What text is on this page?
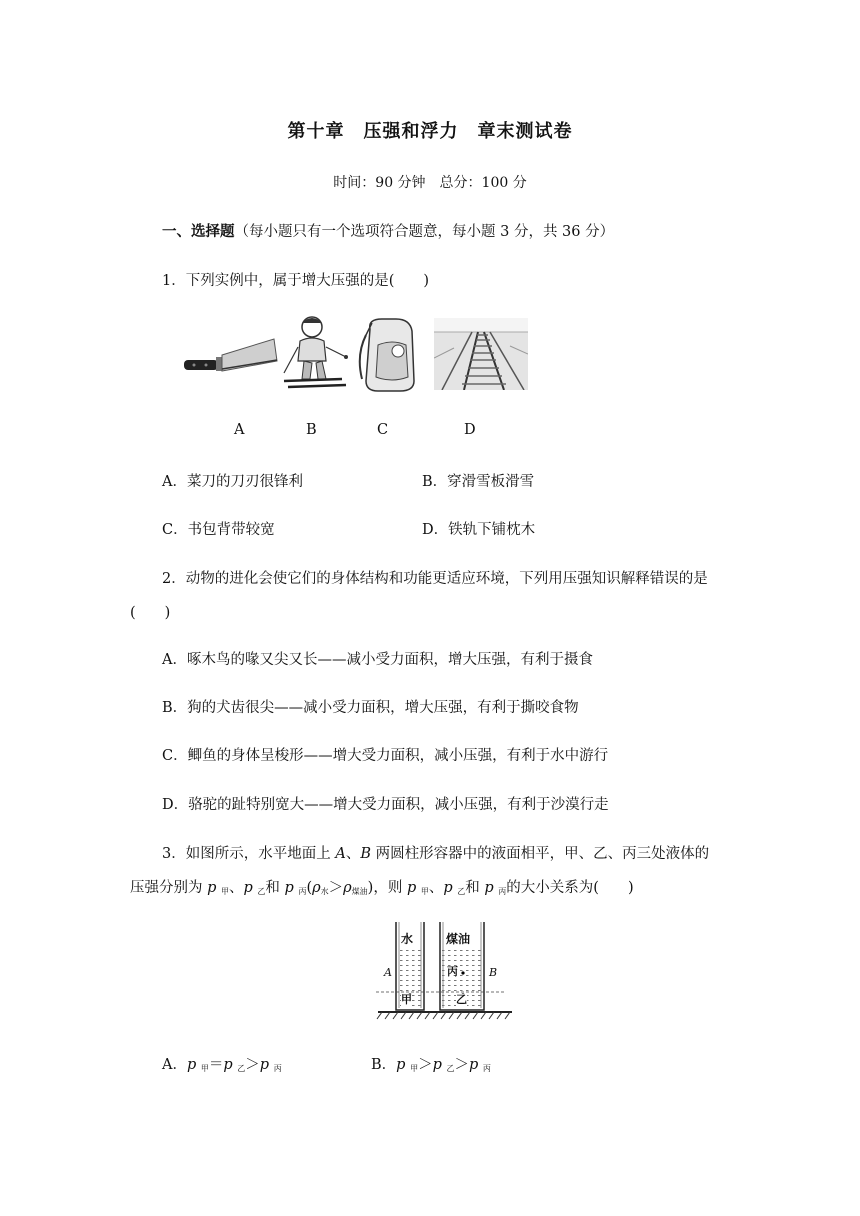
第十章　压强和浮力　章末测试卷
时间：90 分钟　总分：100 分
一、选择题（每小题只有一个选项符合题意，每小题 3 分，共 36 分）
1．下列实例中，属于增大压强的是(　　)
A	B	C	D
A．菜刀的刀刃很锋利	B．穿滑雪板滑雪
C．书包背带较宽	D．铁轨下铺枕木
2．动物的进化会使它们的身体结构和功能更适应环境，下列用压强知识解释错误的是
(　　)
A．啄木鸟的喙又尖又长——减小受力面积，增大压强，有利于摄食
B．狗的犬齿很尖——减小受力面积，增大压强，有利于撕咬食物
C．鲫鱼的身体呈梭形——增大受力面积，减小压强，有利于水中游行
D．骆驼的趾特别宽大——增大受力面积，减小压强，有利于沙漠行走
3．如图所示，水平地面上 A、B 两圆柱形容器中的液面相平，甲、乙、丙三处液体的
压强分别为 p $_甲$、p $_乙$和 p $_丙(\rho_水>\rho_{煤油})$，则 p $_甲$、p $_乙$和 p $_丙$的大小关系为(　　)
水	煤油
A	B
甲
丙
乙
A．p $_甲$＝p $_乙$＞p $_丙$	B．p $_甲$＞p $_乙$＞p $_丙$
